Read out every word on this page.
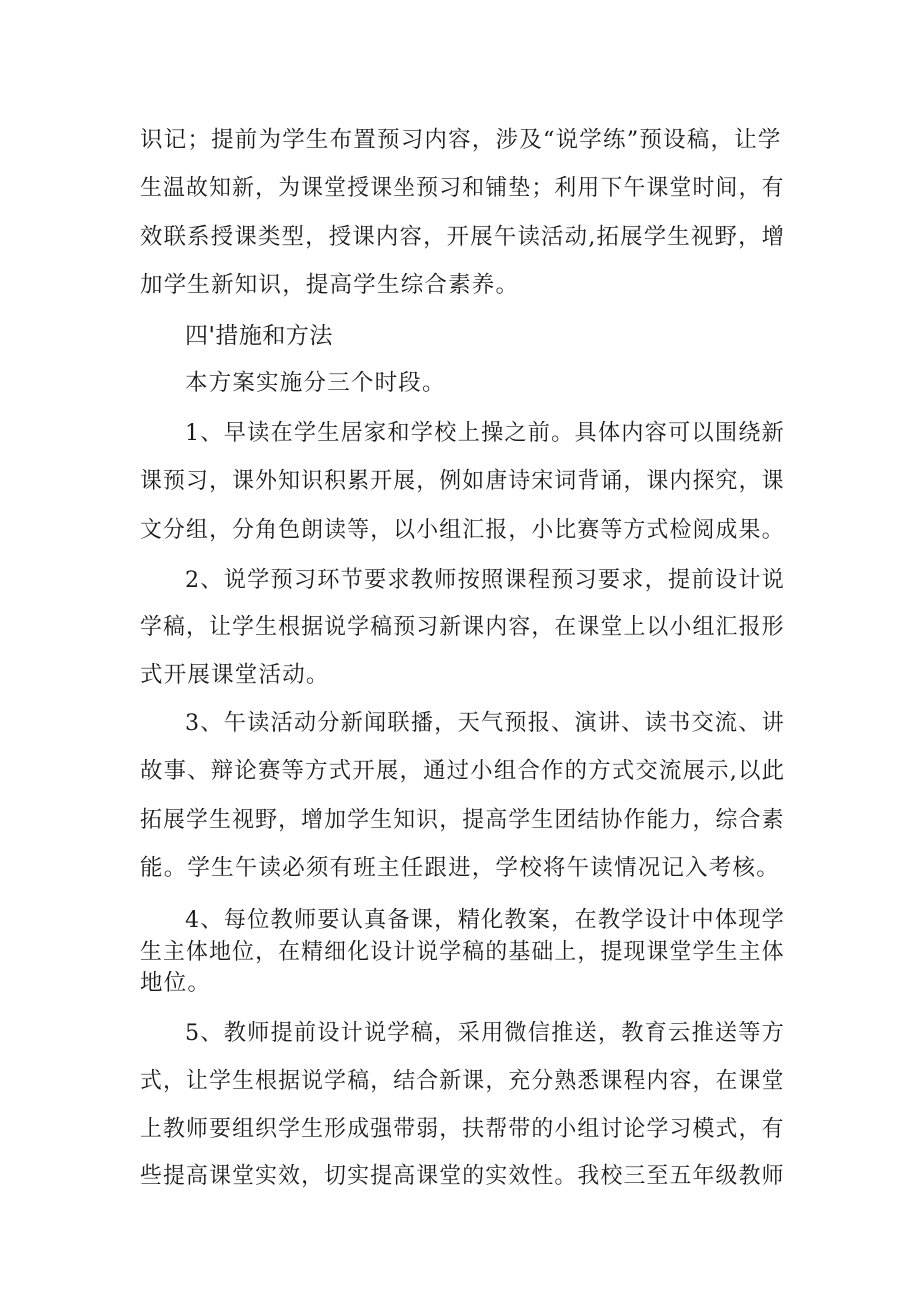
识记；提前为学生布置预习内容，涉及“说学练”预设稿，让学
生温故知新，为课堂授课坐预习和铺垫；利用下午课堂时间，有
效联系授课类型，授课内容，开展午读活动,拓展学生视野，增
加学生新知识，提高学生综合素养。
四'措施和方法
本方案实施分三个时段。
1、早读在学生居家和学校上操之前。具体内容可以围绕新
课预习，课外知识积累开展，例如唐诗宋词背诵，课内探究，课
文分组，分角色朗读等，以小组汇报，小比赛等方式检阅成果。
2、说学预习环节要求教师按照课程预习要求，提前设计说
学稿，让学生根据说学稿预习新课内容，在课堂上以小组汇报形
式开展课堂活动。
3、午读活动分新闻联播，天气预报、演讲、读书交流、讲
故事、辩论赛等方式开展，通过小组合作的方式交流展示,以此
拓展学生视野，增加学生知识，提高学生团结协作能力，综合素
能。学生午读必须有班主任跟进，学校将午读情况记入考核。
4、每位教师要认真备课，精化教案，在教学设计中体现学
生主体地位，在精细化设计说学稿的基础上，提现课堂学生主体
地位。
5、教师提前设计说学稿，采用微信推送，教育云推送等方
式，让学生根据说学稿，结合新课，充分熟悉课程内容，在课堂
上教师要组织学生形成强带弱，扶帮带的小组讨论学习模式，有
些提高课堂实效，切实提高课堂的实效性。我校三至五年级教师
